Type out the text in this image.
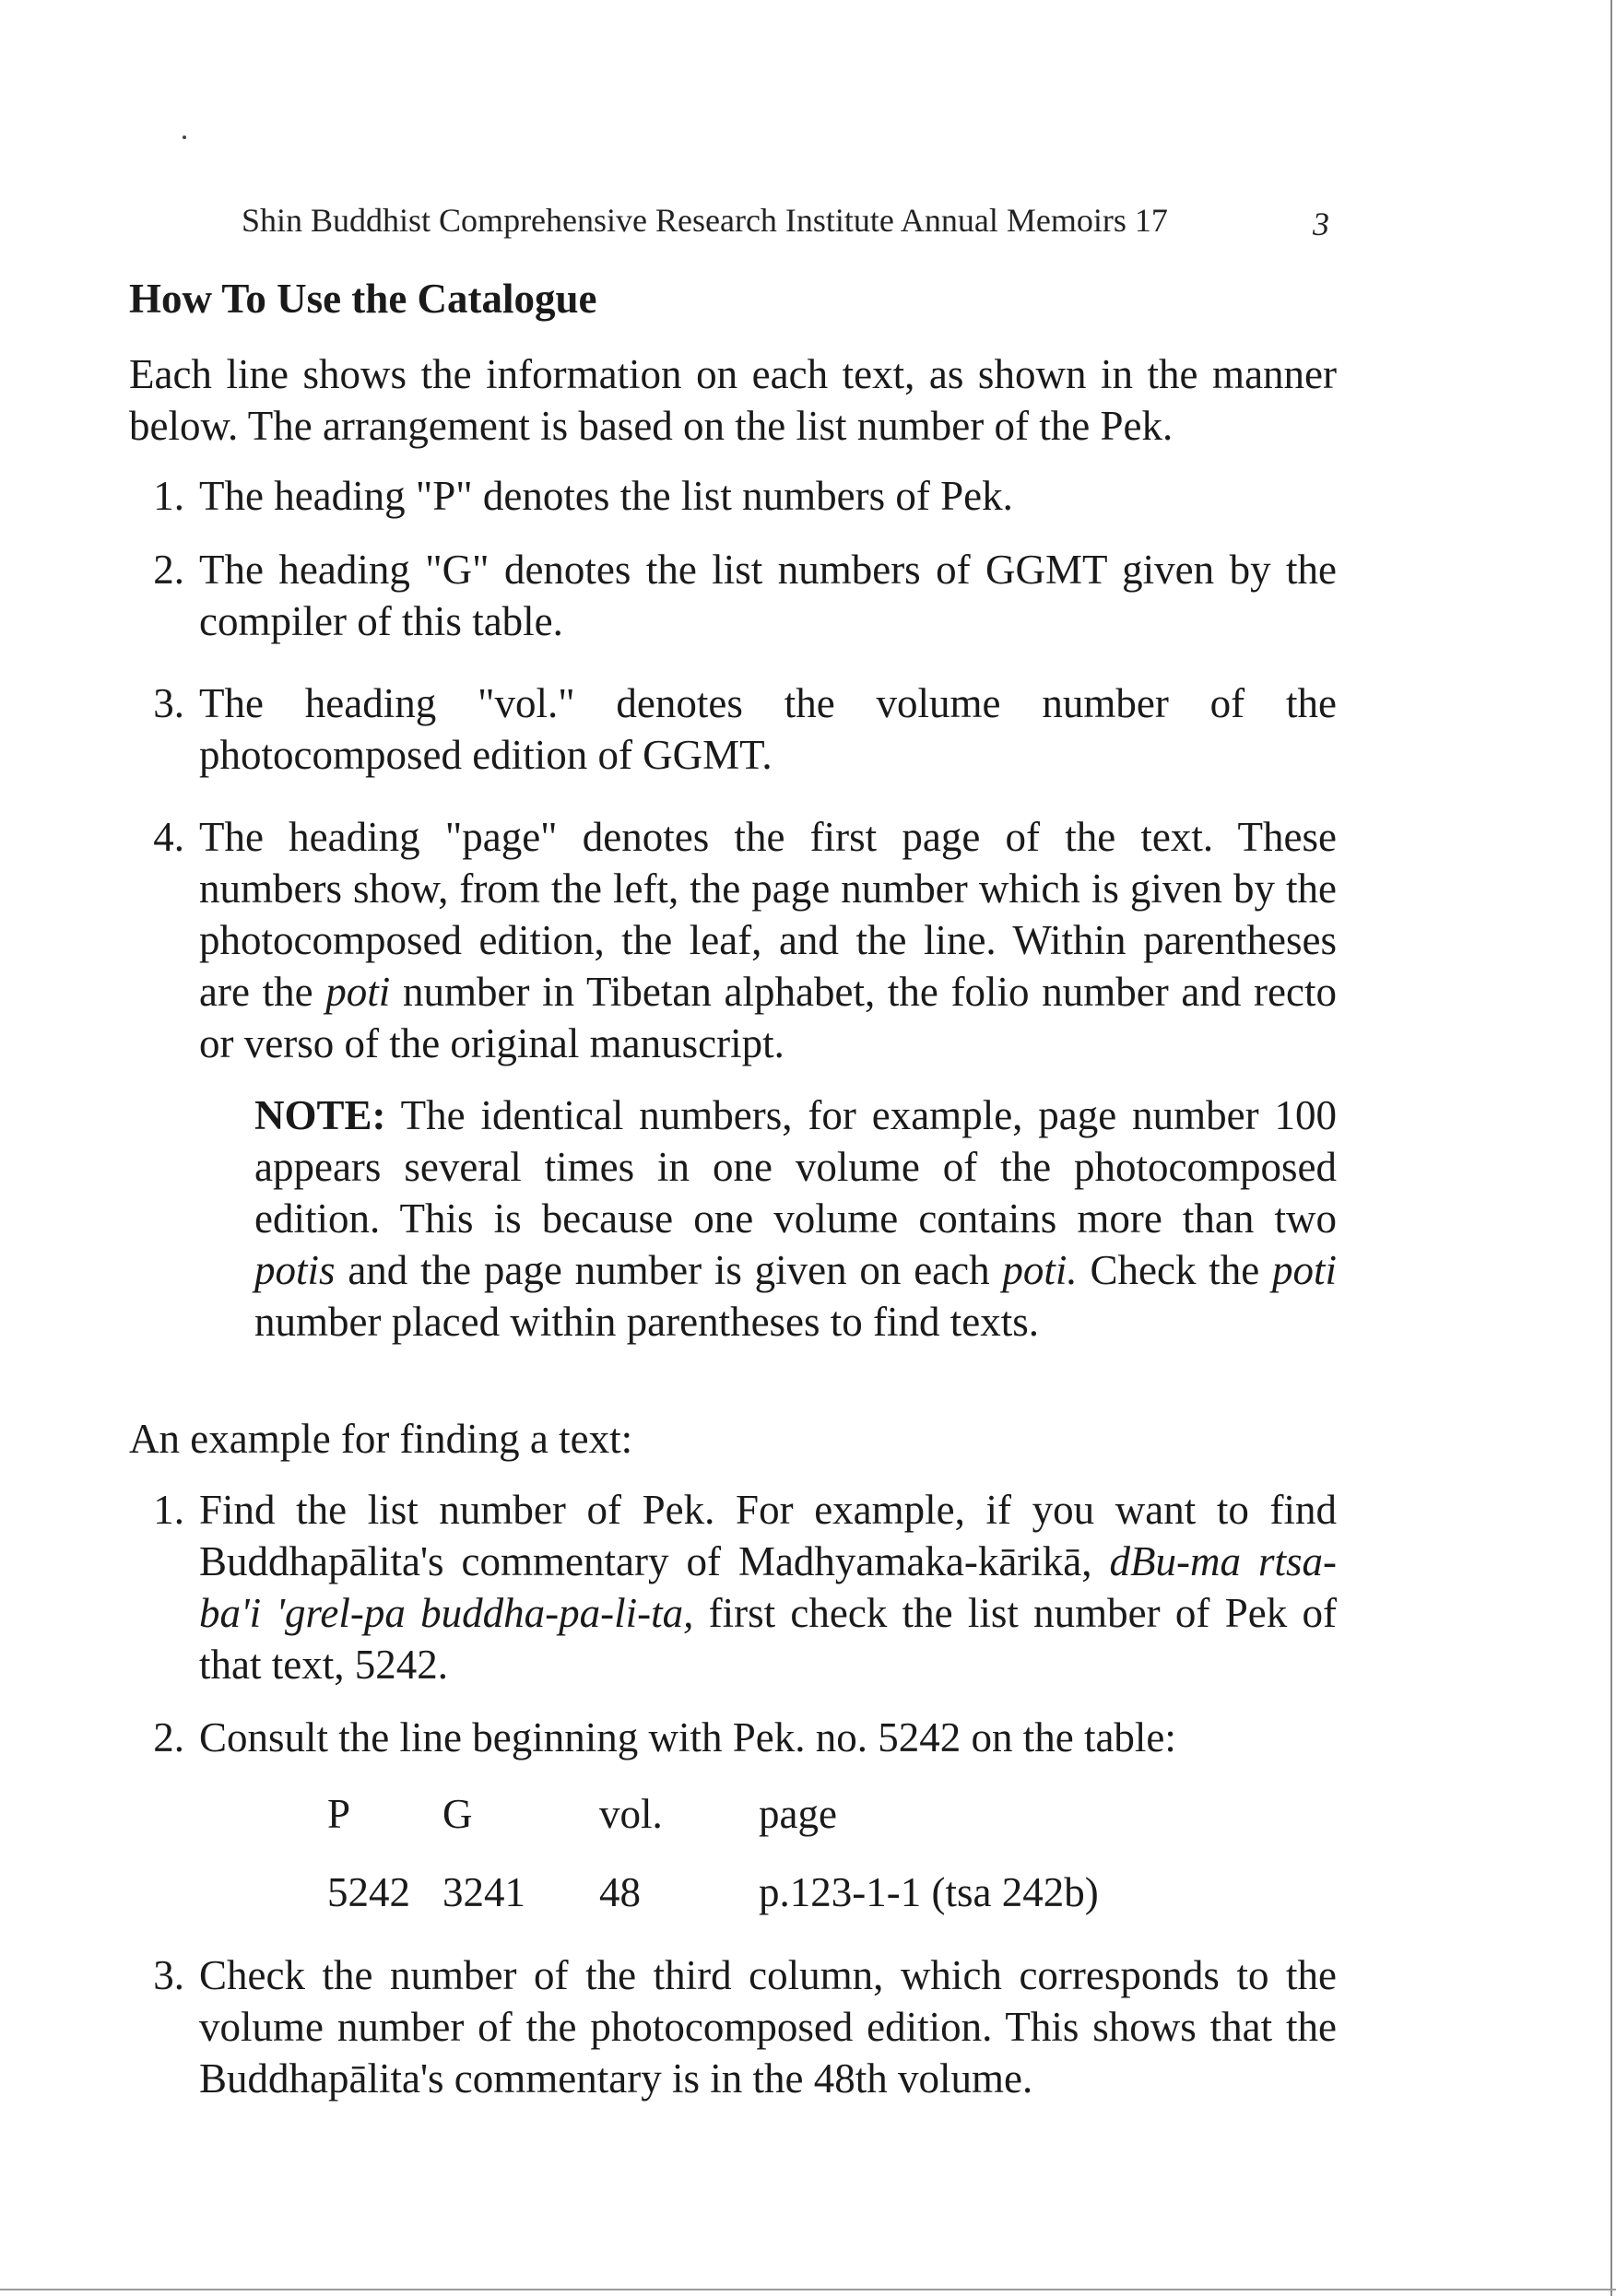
Shin Buddhist Comprehensive Research Institute Annual Memoirs 17	3
How To Use the Catalogue
Each line shows the information on each text, as shown in the manner below. The arrangement is based on the list number of the Pek.
1. The heading "P" denotes the list numbers of Pek.
2. The heading "G" denotes the list numbers of GGMT given by the compiler of this table.
3. The heading "vol." denotes the volume number of the photocomposed edition of GGMT.
4. The heading "page" denotes the first page of the text. These numbers show, from the left, the page number which is given by the photocomposed edition, the leaf, and the line. Within parentheses are the poti number in Tibetan alphabet, the folio number and recto or verso of the original manuscript.
NOTE: The identical numbers, for example, page number 100 appears several times in one volume of the photocomposed edition. This is because one volume contains more than two potis and the page number is given on each poti. Check the poti number placed within parentheses to find texts.
An example for finding a text:
1. Find the list number of Pek. For example, if you want to find Buddhapālita's commentary of Madhyamaka-kārikā, dBu-ma rtsa-ba'i 'grel-pa buddha-pa-li-ta, first check the list number of Pek of that text, 5242.
2. Consult the line beginning with Pek. no. 5242 on the table:
P G	vol. page
5242 3241 48	p.123-1-1 (tsa 242b)
3. Check the number of the third column, which corresponds to the volume number of the photocomposed edition. This shows that the Buddhapālita's commentary is in the 48th volume.
